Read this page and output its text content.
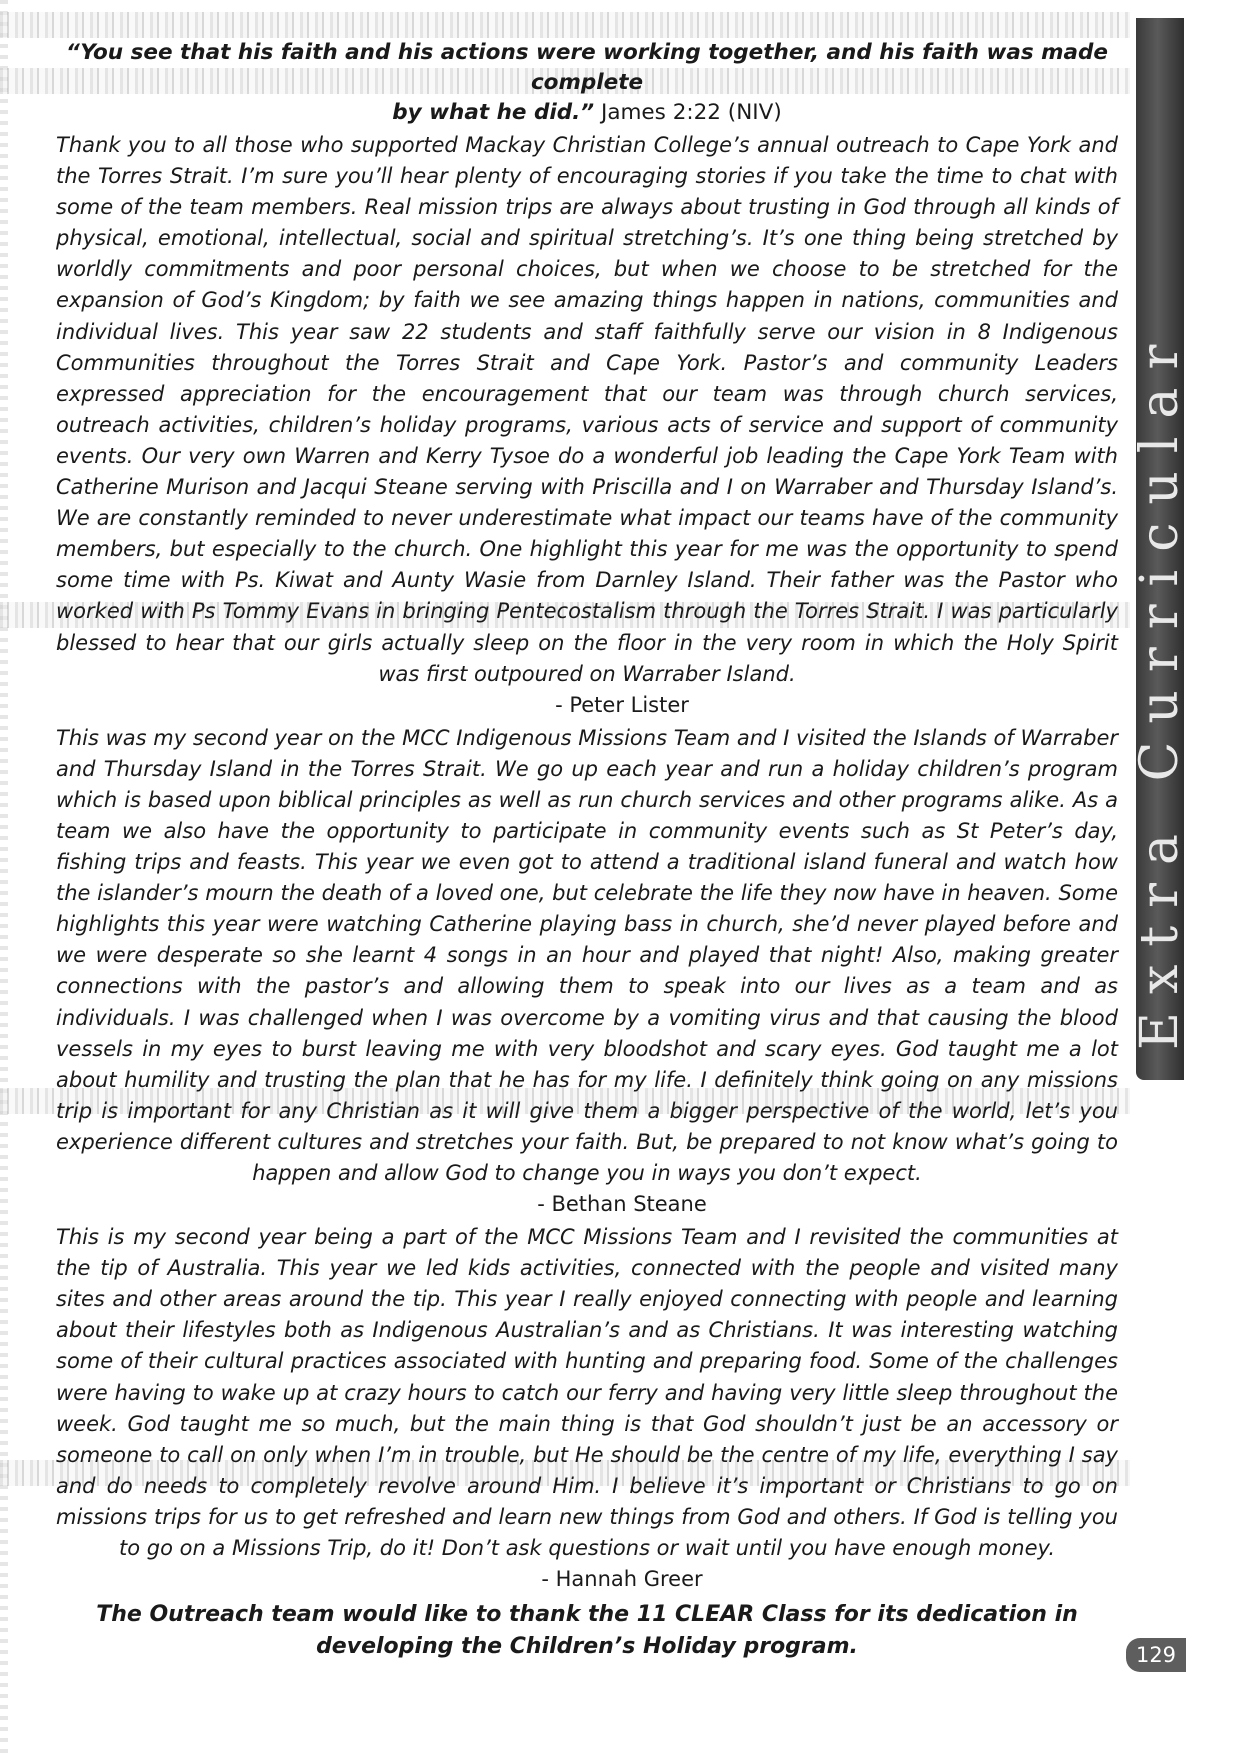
Extra Curricular

“You see that his faith and his actions were working together, and his faith was made complete
by what he did.” James 2:22 (NIV)

Thank you to all those who supported Mackay Christian College’s annual outreach to Cape York and the Torres Strait. I’m sure you’ll hear plenty of encouraging stories if you take the time to chat with some of the team members. Real mission trips are always about trusting in God through all kinds of physical, emotional, intellectual, social and spiritual stretching’s. It’s one thing being stretched by worldly commitments and poor personal choices, but when we choose to be stretched for the expansion of God’s Kingdom; by faith we see amazing things happen in nations, communities and individual lives. This year saw 22 students and staff faithfully serve our vision in 8 Indigenous Communities throughout the Torres Strait and Cape York. Pastor’s and community Leaders expressed appreciation for the encouragement that our team was through church services, outreach activities, children’s holiday programs, various acts of service and support of community events. Our very own Warren and Kerry Tysoe do a wonderful job leading the Cape York Team with Catherine Murison and Jacqui Steane serving with Priscilla and I on Warraber and Thursday Island’s. We are constantly reminded to never underestimate what impact our teams have of the community members, but especially to the church. One highlight this year for me was the opportunity to spend some time with Ps. Kiwat and Aunty Wasie from Darnley Island. Their father was the Pastor who worked with Ps Tommy Evans in bringing Pentecostalism through the Torres Strait. I was particularly blessed to hear that our girls actually sleep on the floor in the very room in which the Holy Spirit was first outpoured on Warraber Island.

- Peter Lister

This was my second year on the MCC Indigenous Missions Team and I visited the Islands of Warraber and Thursday Island in the Torres Strait. We go up each year and run a holiday children’s program which is based upon biblical principles as well as run church services and other programs alike. As a team we also have the opportunity to participate in community events such as St Peter’s day, fishing trips and feasts. This year we even got to attend a traditional island funeral and watch how the islander’s mourn the death of a loved one, but celebrate the life they now have in heaven. Some highlights this year were watching Catherine playing bass in church, she’d never played before and we were desperate so she learnt 4 songs in an hour and played that night! Also, making greater connections with the pastor’s and allowing them to speak into our lives as a team and as individuals. I was challenged when I was overcome by a vomiting virus and that causing the blood vessels in my eyes to burst leaving me with very bloodshot and scary eyes. God taught me a lot about humility and trusting the plan that he has for my life. I definitely think going on any missions trip is important for any Christian as it will give them a bigger perspective of the world, let’s you experience different cultures and stretches your faith. But, be prepared to not know what’s going to happen and allow God to change you in ways you don’t expect.

- Bethan Steane

This is my second year being a part of the MCC Missions Team and I revisited the communities at the tip of Australia. This year we led kids activities, connected with the people and visited many sites and other areas around the tip. This year I really enjoyed connecting with people and learning about their lifestyles both as Indigenous Australian’s and as Christians. It was interesting watching some of their cultural practices associated with hunting and preparing food. Some of the challenges were having to wake up at crazy hours to catch our ferry and having very little sleep throughout the week. God taught me so much, but the main thing is that God shouldn’t just be an accessory or someone to call on only when I’m in trouble, but He should be the centre of my life, everything I say and do needs to completely revolve around Him. I believe it’s important or Christians to go on missions trips for us to get refreshed and learn new things from God and others. If God is telling you to go on a Missions Trip, do it! Don’t ask questions or wait until you have enough money.

- Hannah Greer

The Outreach team would like to thank the 11 CLEAR Class for its dedication in developing the Children’s Holiday program.	129
